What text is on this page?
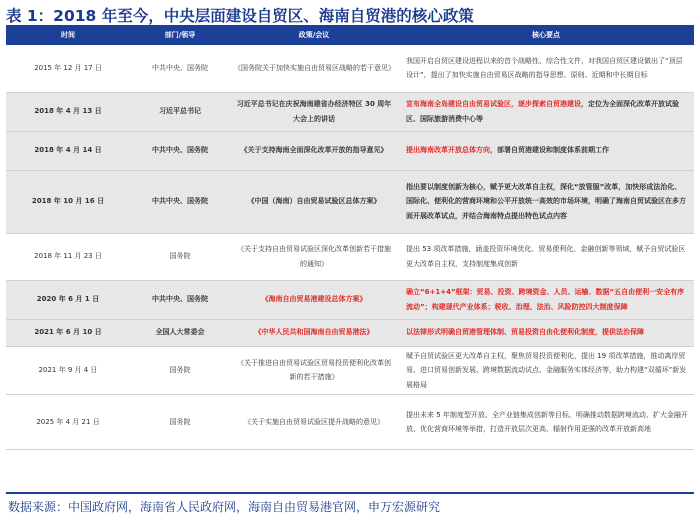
表 1：2018 年至今，中央层面建设自贸区、海南自贸港的核心政策
时间	部门/领导	政策/会议	核心要点
2015 年 12 月 17 日	中共中央、国务院	《国务院关于加快实施自由贸易区战略的若干意见》	我国开启自贸区建设进程以来的首个战略性、综合性文件，对我国自贸区建设做出了“顶层设计”，提出了加快实施自由贸易区战略的指导思想、原则、近期和中长期目标
2018 年 4 月 13 日	习近平总书记	习近平总书记在庆祝海南建省办经济特区 30 周年大会上的讲话	宣布海南全岛建设自由贸易试验区，逐步探索自贸港建设，定位为全面深化改革开放试验区、国际旅游消费中心等
2018 年 4 月 14 日	中共中央、国务院	《关于支持海南全面深化改革开放的指导意见》	提出海南改革开放总体方向，部署自贸港建设和制度体系前期工作
2018 年 10 月 16 日	中共中央、国务院	《中国（海南）自由贸易试验区总体方案》	指出要以制度创新为核心，赋予更大改革自主权，深化“放管服”改革，加快形成法治化、国际化、便利化的营商环境和公平开放统一高效的市场环境，明确了海南自贸试验区在多方面开展改革试点，并结合海南特点提出特色试点内容
2018 年 11 月 23 日	国务院	《关于支持自由贸易试验区深化改革创新若干措施的通知》	提出 53 项改革措施，涵盖投资环境优化、贸易便利化、金融创新等领域，赋予自贸试验区更大改革自主权，支持制度集成创新
2020 年 6 月 1 日	中共中央、国务院	《海南自由贸易港建设总体方案》	确立“6+1+4”框架：贸易、投资、跨境资金、人员、运输、数据“五自由便利一安全有序流动”；构建现代产业体系；税收、治理、法治、风险防控四大制度保障
2021 年 6 月 10 日	全国人大常委会	《中华人民共和国海南自由贸易港法》	以法律形式明确自贸港管理体制、贸易投资自由化便利化制度，提供法治保障
2021 年 9 月 4 日	国务院	《关于推进自由贸易试验区贸易投资便利化改革创新的若干措施》	赋予自贸试验区更大改革自主权，聚焦贸易投资便利化，提出 19 项改革措施，推动离岸贸易、进口贸易创新发展、跨境数据流动试点、金融服务实体经济等，助力构建“双循环”新发展格局
2025 年 4 月 21 日	国务院	《关于实施自由贸易试验区提升战略的意见》	提出未来 5 年制度型开放、全产业链集成创新等目标，明确推动数据跨境流动、扩大金融开放、优化营商环境等举措，打造开放层次更高、辐射作用更强的改革开放新高地
数据来源：中国政府网，海南省人民政府网，海南自由贸易港官网，申万宏源研究
